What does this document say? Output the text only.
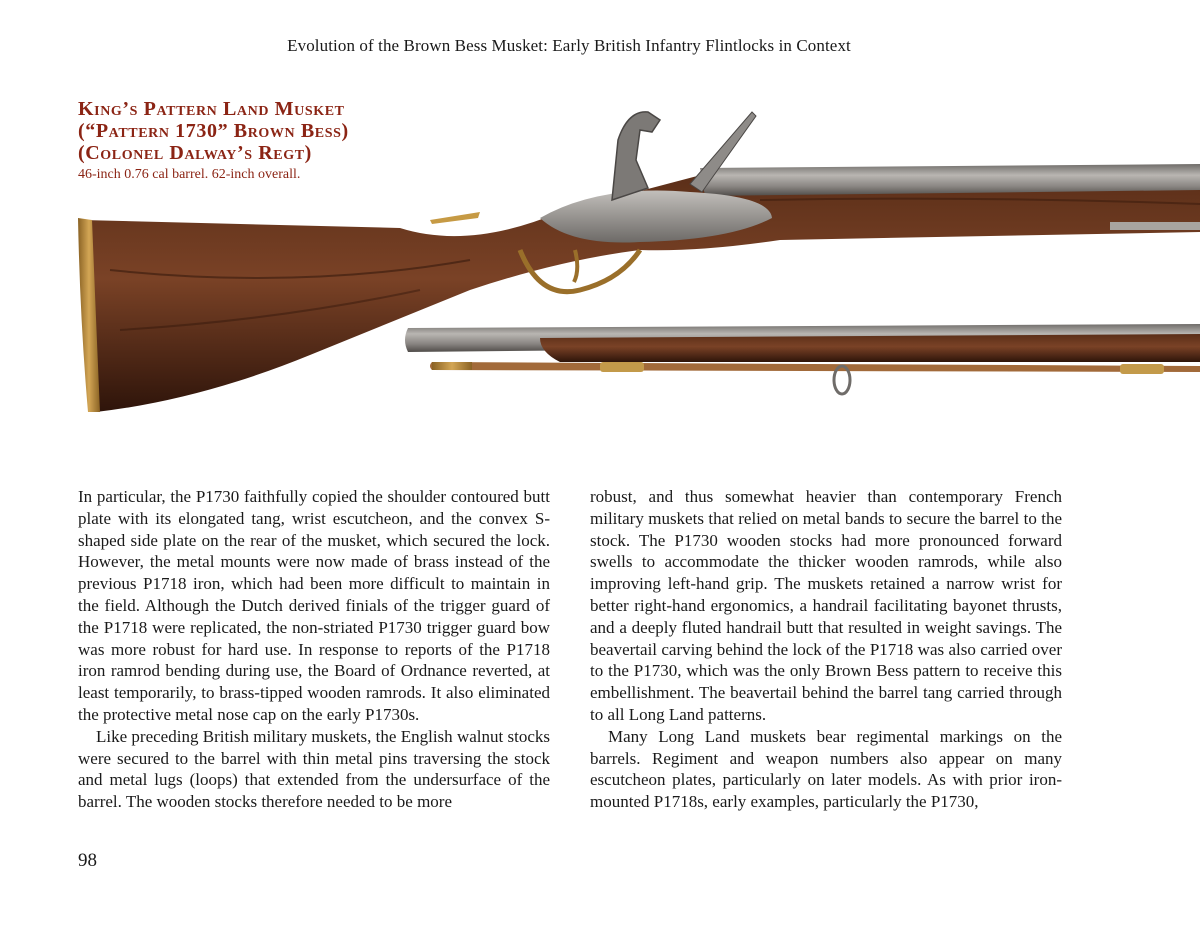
Evolution of the Brown Bess Musket: Early British Infantry Flintlocks in Context
King’s Pattern Land Musket
(“Pattern 1730” Brown Bess)
(Colonel Dalway’s Regt)
46-inch 0.76 cal barrel. 62-inch overall.

In particular, the P1730 faithfully copied the shoulder contoured butt plate with its elongated tang, wrist escutcheon, and the convex S-shaped side plate on the rear of the musket, which secured the lock. However, the metal mounts were now made of brass instead of the previous P1718 iron, which had been more difficult to maintain in the field. Although the Dutch derived finials of the trigger guard of the P1718 were replicated, the non-striated P1730 trigger guard bow was more robust for hard use. In response to reports of the P1718 iron ramrod bending during use, the Board of Ordnance reverted, at least temporarily, to brass-tipped wooden ramrods. It also eliminated the protective metal nose cap on the early P1730s.

Like preceding British military muskets, the English walnut stocks were secured to the barrel with thin metal pins traversing the stock and metal lugs (loops) that extended from the undersurface of the barrel. The wooden stocks therefore needed to be more

robust, and thus somewhat heavier than contemporary French military muskets that relied on metal bands to secure the barrel to the stock. The P1730 wooden stocks had more pronounced forward swells to accommodate the thicker wooden ramrods, while also improving left-hand grip. The muskets retained a narrow wrist for better right-hand ergonomics, a handrail facilitating bayonet thrusts, and a deeply fluted handrail butt that resulted in weight savings. The beavertail carving behind the lock of the P1718 was also carried over to the P1730, which was the only Brown Bess pattern to receive this embellishment. The beavertail behind the barrel tang carried through to all Long Land patterns.

Many Long Land muskets bear regimental markings on the barrels. Regiment and weapon numbers also appear on many escutcheon plates, particularly on later models. As with prior iron-mounted P1718s, early examples, particularly the P1730,

98
